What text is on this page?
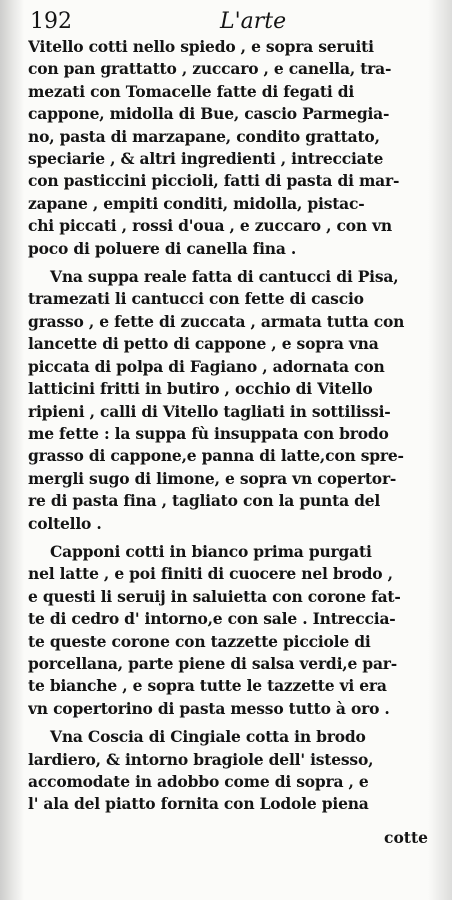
192	L'arte
Vitello cotti nello spiedo , e sopra seruiti
con pan grattatto , zuccaro , e canella, tra-
mezati con Tomacelle fatte di fegati di
cappone, midolla di Bue, cascio Parmegia-
no, pasta di marzapane, condito grattato,
speciarie , & altri ingredienti , intrecciate
con pasticcini piccioli, fatti di pasta di mar-
zapane , empiti conditi, midolla, pistac-
chi piccati , rossi d'oua , e zuccaro , con vn
poco di poluere di canella fina .
Vna suppa reale fatta di cantucci di Pisa,
tramezati li cantucci con fette di cascio
grasso , e fette di zuccata , armata tutta con
lancette di petto di cappone , e sopra vna
piccata di polpa di Fagiano , adornata con
latticini fritti in butiro , occhio di Vitello
ripieni , calli di Vitello tagliati in sottilissi-
me fette : la suppa fù insuppata con brodo
grasso di cappone,e panna di latte,con spre-
mergli sugo di limone, e sopra vn copertor-
re di pasta fina , tagliato con la punta del
coltello .
Capponi cotti in bianco prima purgati
nel latte , e poi finiti di cuocere nel brodo ,
e questi li seruij in saluietta con corone fat-
te di cedro d' intorno,e con sale . Intreccia-
te queste corone con tazzette picciole di
porcellana, parte piene di salsa verdi,e par-
te bianche , e sopra tutte le tazzette vi era
vn copertorino di pasta messo tutto à oro .
Vna Coscia di Cingiale cotta in brodo
lardiero, & intorno bragiole dell' istesso,
accomodate in adobbo come di sopra , e
l' ala del piatto fornita con Lodole piena
cotte
